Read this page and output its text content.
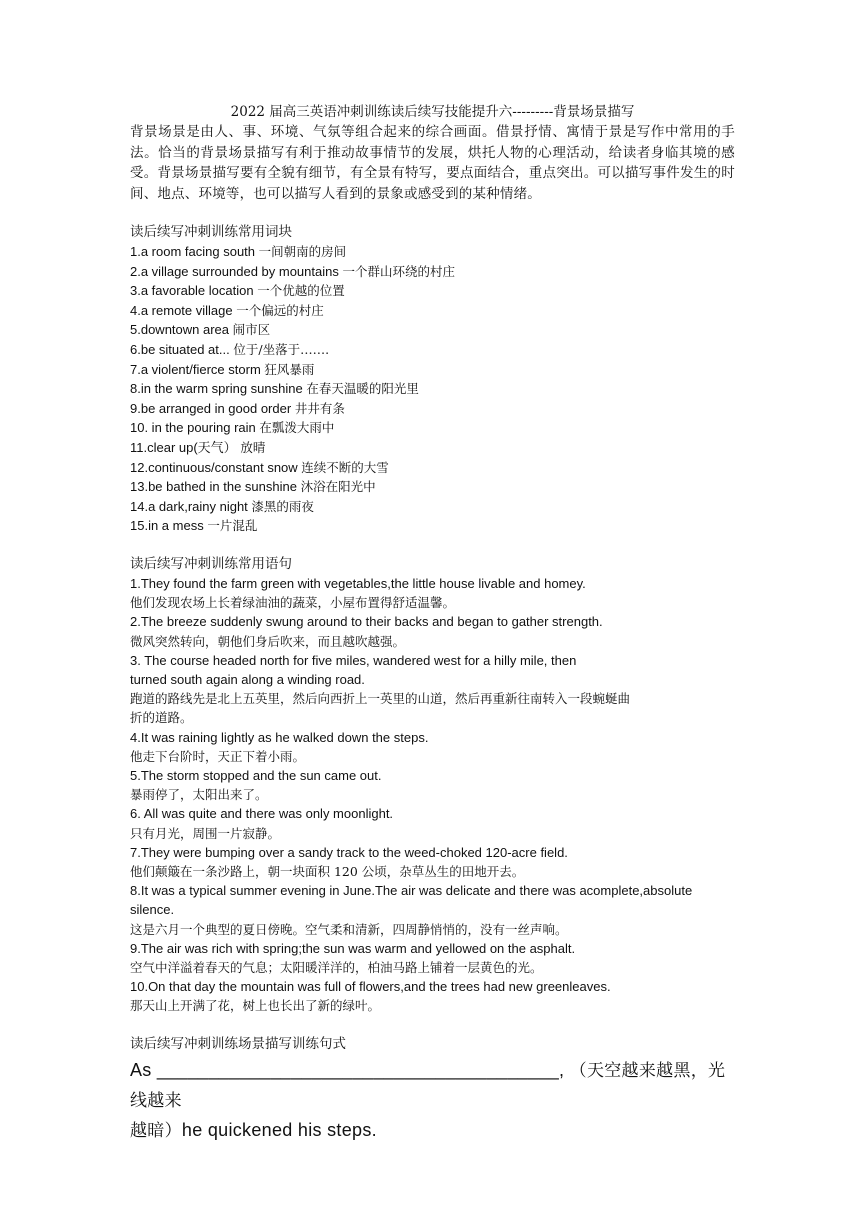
2022 届高三英语冲刺训练读后续写技能提升六---------背景场景描写
背景场景是由人、事、环境、气氛等组合起来的综合画面。借景抒情、寓情于景是写作中常用的手法。恰当的背景场景描写有利于推动故事情节的发展，烘托人物的心理活动，给读者身临其境的感受。背景场景描写要有全貌有细节，有全景有特写，要点面结合，重点突出。可以描写事件发生的时间、地点、环境等，也可以描写人看到的景象或感受到的某种情绪。
读后续写冲刺训练常用词块
1.a room facing south 一间朝南的房间
2.a village surrounded by mountains 一个群山环绕的村庄
3.a favorable location 一个优越的位置
4.a remote village 一个偏远的村庄
5.downtown area 闹市区
6.be situated at... 位于/坐落于…….
7.a violent/fierce storm 狂风暴雨
8.in the warm spring sunshine 在春天温暖的阳光里
9.be arranged in good order 井井有条
10. in the pouring rain 在瓢泼大雨中
11.clear up(天气） 放晴
12.continuous/constant snow 连续不断的大雪
13.be bathed in the sunshine 沐浴在阳光中
14.a dark,rainy night 漆黑的雨夜
15.in a mess 一片混乱
读后续写冲刺训练常用语句
1.They found the farm green with vegetables,the little house livable and homey.
他们发现农场上长着绿油油的蔬菜，小屋布置得舒适温馨。
2.The breeze suddenly swung around to their backs and began to gather strength.
微风突然转向，朝他们身后吹来，而且越吹越强。
3. The course headed north for five miles, wandered west for a hilly mile, then
turned south again along a winding road.
跑道的路线先是北上五英里，然后向西折上一英里的山道，然后再重新往南转入一段蜿蜒曲
折的道路。
4.It was raining lightly as he walked down the steps.
他走下台阶时，天正下着小雨。
5.The storm stopped and the sun came out.
暴雨停了，太阳出来了。
6. All was quite and there was only moonlight.
只有月光，周围一片寂静。
7.They were bumping over a sandy track to the weed-choked 120-acre field.
他们颠簸在一条沙路上，朝一块面积 120 公顷，杂草丛生的田地开去。
8.It was a typical summer evening in June.The air was delicate and there was acomplete,absolute
silence.
这是六月一个典型的夏日傍晚。空气柔和清新，四周静悄悄的，没有一丝声响。
9.The air was rich with spring;the sun was warm and yellowed on the asphalt.
空气中洋溢着春天的气息；太阳暖洋洋的，柏油马路上铺着一层黄色的光。
10.On that day the mountain was full of flowers,and the trees had new greenleaves.
那天山上开满了花，树上也长出了新的绿叶。
读后续写冲刺训练场景描写训练句式
As _______________________________________, （天空越来越黑，光线越来
越暗）he quickened his steps.
